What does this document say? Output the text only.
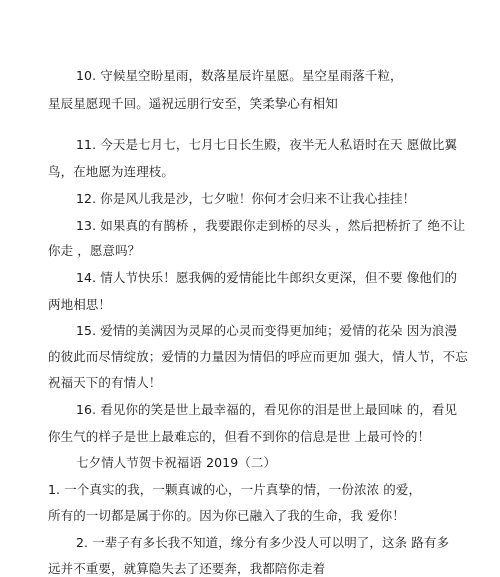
10. 守候星空盼星雨，数落星辰许星愿。星空星雨落千粒，
星辰星愿现千回。遥祝远朋行安至，笑柔挚心有相知
11. 今天是七月七，七月七日长生殿，夜半无人私语时在天 愿做比翼
鸟，在地愿为连理枝。
12. 你是风儿我是沙，七夕啦！你何才会归来不让我心挂挂！
13. 如果真的有鹊桥 ，我要跟你走到桥的尽头 ，然后把桥折了 绝不让
你走 ，愿意吗？
14. 情人节快乐！愿我俩的爱情能比牛郎织女更深，但不要 像他们的
两地相思！
15. 爱情的美满因为灵犀的心灵而变得更加纯；爱情的花朵 因为浪漫
的彼此而尽情绽放；爱情的力量因为情侣的呼应而更加 强大，情人节，不忘
祝福天下的有情人！
16. 看见你的笑是世上最幸福的，看见你的泪是世上最回味 的，看见
你生气的样子是世上最难忘的，但看不到你的信息是世 上最可怜的！
七夕情人节贺卡祝福语 2019（二）
1. 一个真实的我，一颗真诚的心，一片真挚的情，一份浓浓 的爱，
所有的一切都是属于你的。因为你已融入了我的生命，我 爱你！
2. 一辈子有多长我不知道，缘分有多少没人可以明了，这条 路有多
远并不重要，就算隐失去了还要奔，我都陪你走着
